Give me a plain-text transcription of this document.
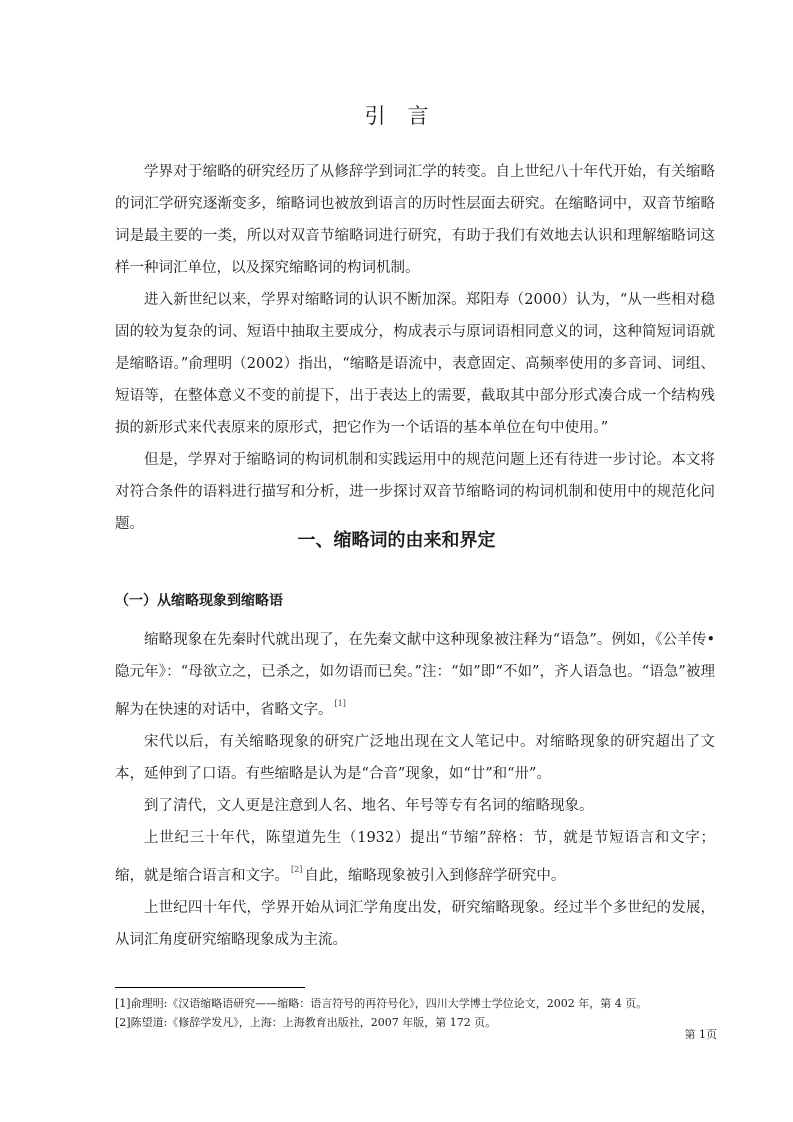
引言

学界对于缩略的研究经历了从修辞学到词汇学的转变。自上世纪八十年代开始，有关缩略的词汇学研究逐渐变多，缩略词也被放到语言的历时性层面去研究。在缩略词中，双音节缩略词是最主要的一类，所以对双音节缩略词进行研究，有助于我们有效地去认识和理解缩略词这样一种词汇单位，以及探究缩略词的构词机制。

进入新世纪以来，学界对缩略词的认识不断加深。郑阳寿（2000）认为，“从一些相对稳固的较为复杂的词、短语中抽取主要成分，构成表示与原词语相同意义的词，这种简短词语就是缩略语。”俞理明（2002）指出，“缩略是语流中，表意固定、高频率使用的多音词、词组、短语等，在整体意义不变的前提下，出于表达上的需要，截取其中部分形式凑合成一个结构残损的新形式来代表原来的原形式，把它作为一个话语的基本单位在句中使用。”

但是，学界对于缩略词的构词机制和实践运用中的规范问题上还有待进一步讨论。本文将对符合条件的语料进行描写和分析，进一步探讨双音节缩略词的构词机制和使用中的规范化问题。

一、缩略词的由来和界定
（一）从缩略现象到缩略语

缩略现象在先秦时代就出现了，在先秦文献中这种现象被注释为“语急”。例如，《公羊传•隐元年》：“母欲立之，已杀之，如勿语而已矣。”注：“如”即“不如”，齐人语急也。“语急”被理解为在快速的对话中，省略文字。 [1]

宋代以后，有关缩略现象的研究广泛地出现在文人笔记中。对缩略现象的研究超出了文本，延伸到了口语。有些缩略是认为是“合音”现象，如“廿”和“卅”。

到了清代，文人更是注意到人名、地名、年号等专有名词的缩略现象。

上世纪三十年代，陈望道先生（1932）提出“节缩”辞格：节，就是节短语言和文字；缩，就是缩合语言和文字。 [2] 自此，缩略现象被引入到修辞学研究中。

上世纪四十年代，学界开始从词汇学角度出发，研究缩略现象。经过半个多世纪的发展，从词汇角度研究缩略现象成为主流。

[1]俞理明:《汉语缩略语研究——缩略：语言符号的再符号化》，四川大学博士学位论文，2002 年，第 4 页。
[2]陈望道:《修辞学发凡》，上海：上海教育出版社，2007 年版，第 172 页。
第 1页
